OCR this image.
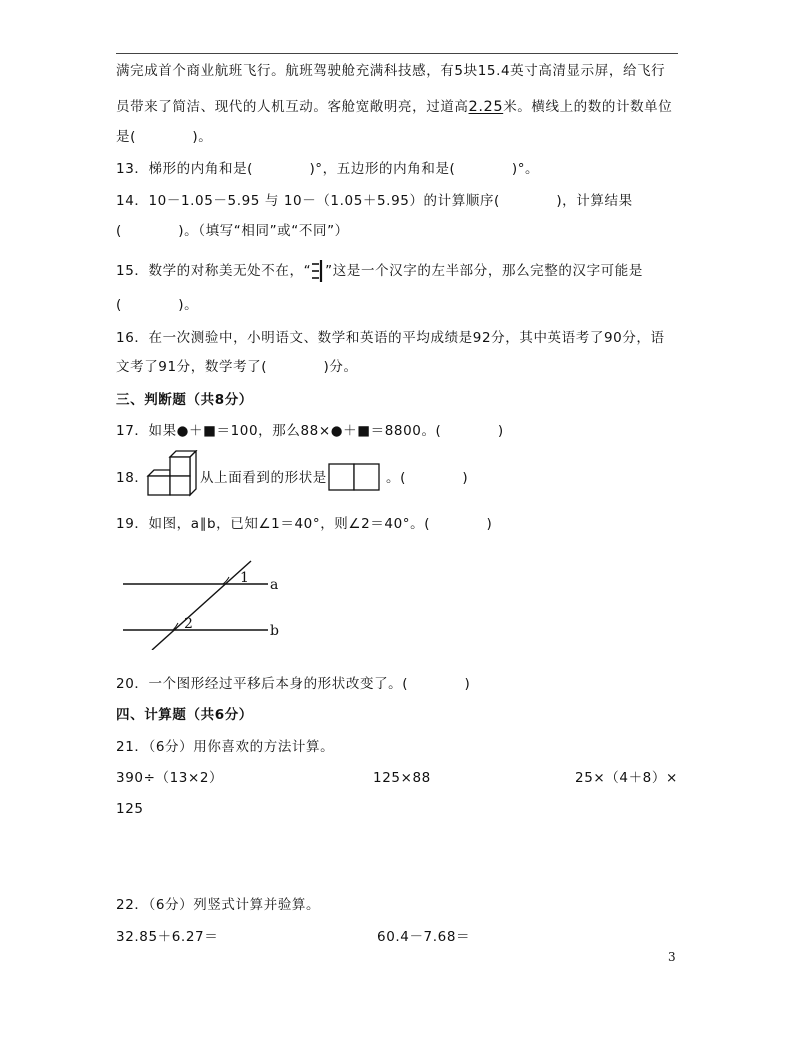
满完成首个商业航班飞行。航班驾驶舱充满科技感，有5块15.4英寸高清显示屏，给飞行
员带来了简洁、现代的人机互动。客舱宽敞明亮，过道高2.25米。横线上的数的计数单位
是(　　　　)。
13．梯形的内角和是(　　　　)°，五边形的内角和是(　　　　)°。
14．10－1.05－5.95 与 10－（1.05＋5.95）的计算顺序(　　　　)，计算结果
(　　　　)。（填写“相同”或“不同”）
15．数学的对称美无处不在，“ ”这是一个汉字的左半部分，那么完整的汉字可能是
(　　　　)。
16．在一次测验中，小明语文、数学和英语的平均成绩是92分，其中英语考了90分，语
文考了91分，数学考了(　　　　)分。
三、判断题（共8分）
17．如果●＋■＝100，那么88×●＋■＝8800。(　　　　)
18．	从上面看到的形状是	。(　　　　)
19．如图，a∥b，已知∠1＝40°，则∠2＝40°。(　　　　)
1
2
a
b
20．一个图形经过平移后本身的形状改变了。(　　　　)
四、计算题（共6分）
21．（6分）用你喜欢的方法计算。
390÷（13×2）	125×88	25×（4＋8）×
125
22．（6分）列竖式计算并验算。
32.85＋6.27＝	60.4－7.68＝
3
